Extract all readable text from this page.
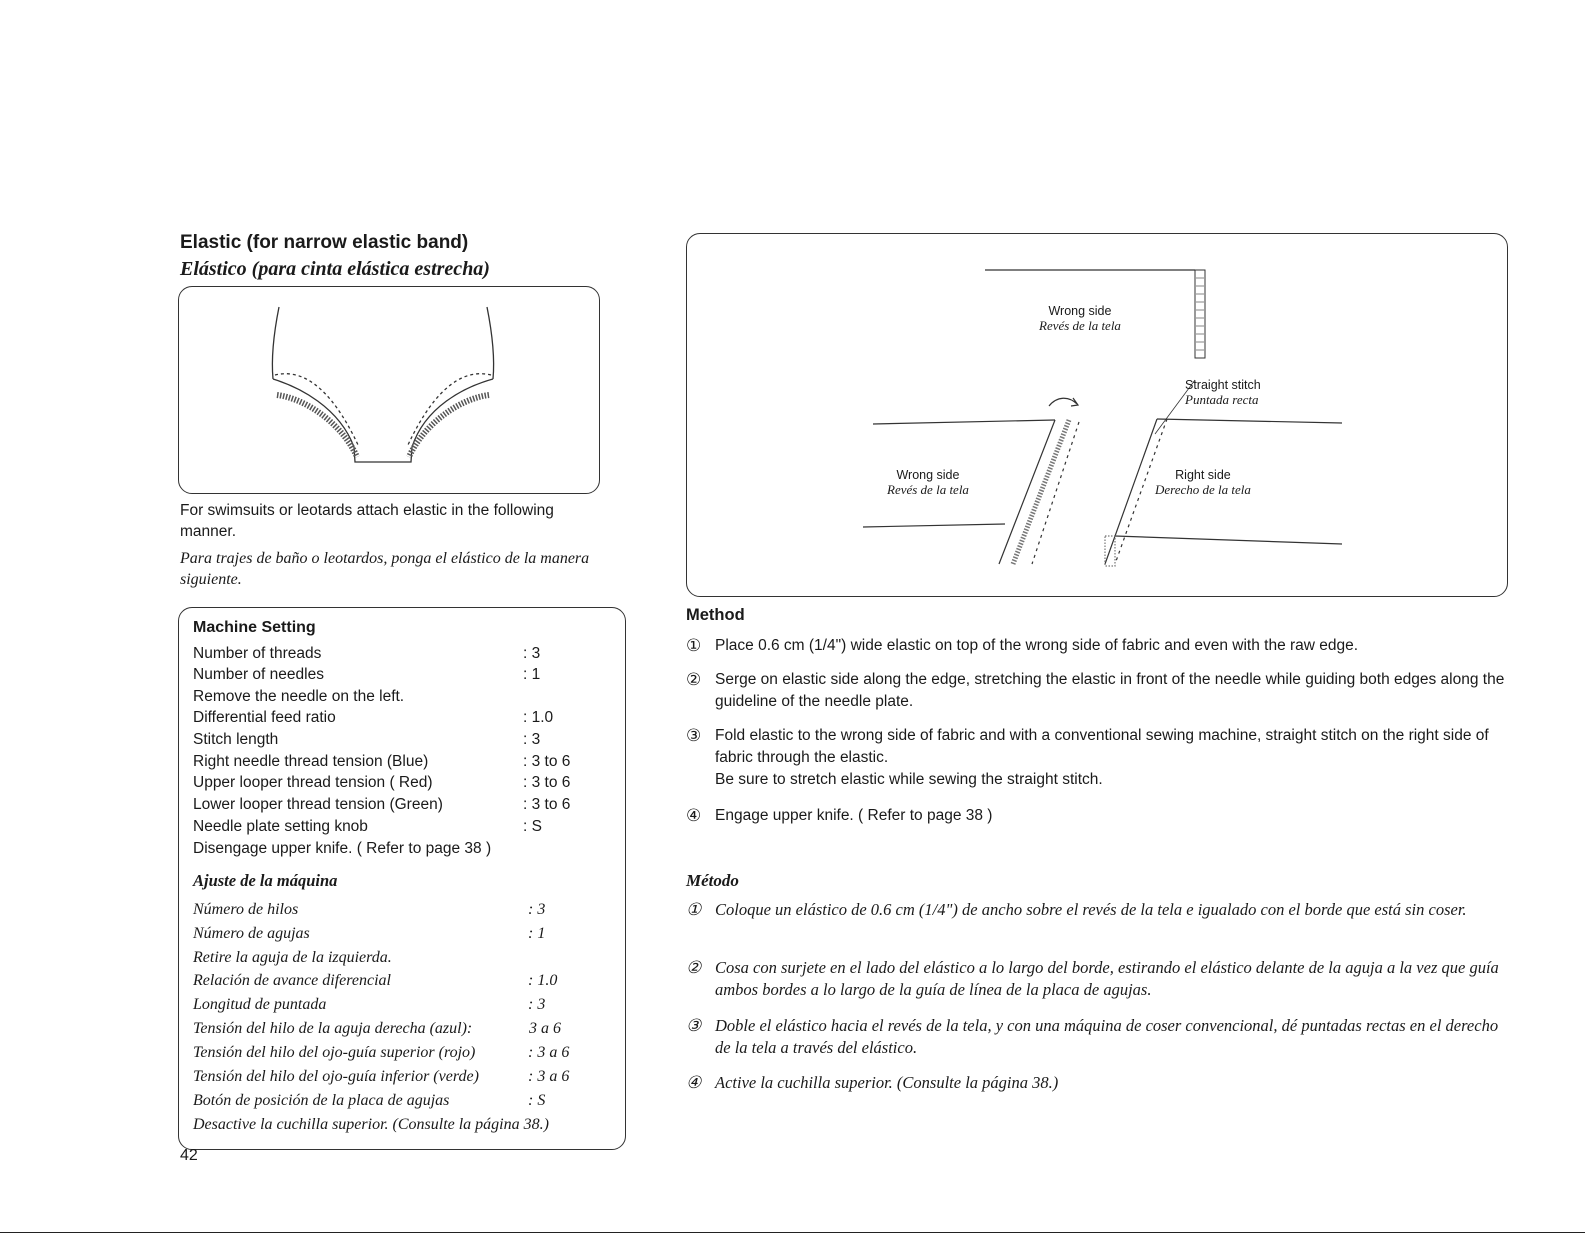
Elastic (for narrow elastic band)
Elástico (para cinta elástica estrecha)
For swimsuits or leotards attach elastic in the following manner.
Para trajes de baño o leotardos, ponga el elástico de la manera siguiente.
Machine Setting
Number of threads	: 3
Number of needles	: 1
Remove the needle on the left.
Differential feed ratio	: 1.0
Stitch length	: 3
Right needle thread tension (Blue)	: 3 to 6
Upper looper thread tension ( Red)	: 3 to 6
Lower looper thread tension (Green)	: 3 to 6
Needle plate setting knob	: S
Disengage upper knife. ( Refer to page 38 )
Ajuste de la máquina
Número de hilos	: 3
Número de agujas	: 1
Retire la aguja de la izquierda.
Relación de avance diferencial	: 1.0
Longitud de puntada	: 3
Tensión del hilo de la aguja derecha (azul):	3 a 6
Tensión del hilo del ojo-guía superior (rojo)	: 3 a 6
Tensión del hilo del ojo-guía inferior (verde)	: 3 a 6
Botón de posición de la placa de agujas	: S
Desactive la cuchilla superior. (Consulte la página 38.)
42
Wrong side
Revés de la tela
Straight stitch
Puntada recta
Wrong side
Revés de la tela
Right side
Derecho de la tela
Method
① Place 0.6 cm (1/4") wide elastic on top of the wrong side of fabric and even with the raw edge.
② Serge on elastic side along the edge, stretching the elastic in front of the needle while guiding both edges along the guideline of the needle plate.
③ Fold elastic to the wrong side of fabric and with a conventional sewing machine, straight stitch on the right side of fabric through the elastic.
Be sure to stretch elastic while sewing the straight stitch.
④ Engage upper knife. ( Refer to page 38 )
Método
① Coloque un elástico de 0.6 cm (1/4") de ancho sobre el revés de la tela e igualado con el borde que está sin coser.
② Cosa con surjete en el lado del elástico a lo largo del borde, estirando el elástico delante de la aguja a la vez que guía ambos bordes a lo largo de la guía de línea de la placa de agujas.
③ Doble el elástico hacia el revés de la tela, y con una máquina de coser convencional, dé puntadas rectas en el derecho de la tela a través del elástico.
④ Active la cuchilla superior. (Consulte la página 38.)
